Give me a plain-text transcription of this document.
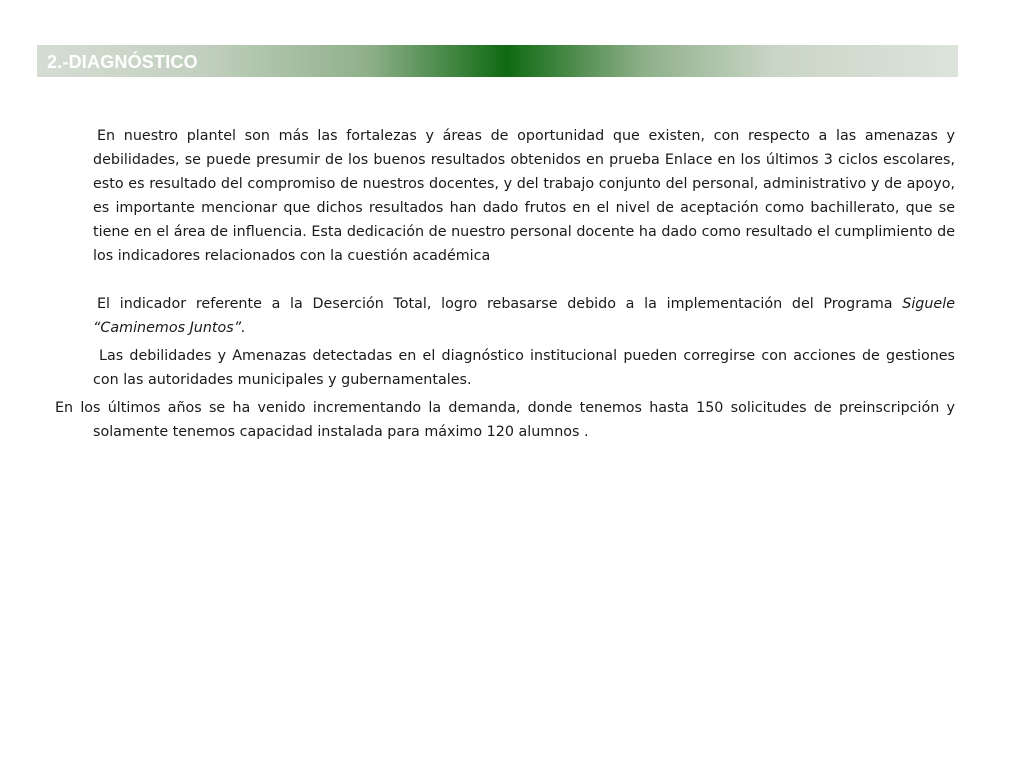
2.-DIAGNÓSTICO

En nuestro plantel son más las fortalezas y áreas de oportunidad que existen, con respecto a las amenazas y debilidades, se puede presumir de los buenos resultados obtenidos en prueba Enlace en los últimos 3 ciclos escolares, esto es resultado del compromiso de nuestros docentes, y del trabajo conjunto del personal, administrativo y de apoyo, es importante mencionar que dichos resultados han dado frutos en el nivel de aceptación como bachillerato, que se tiene en el área de influencia. Esta dedicación de nuestro personal docente ha dado como resultado el cumplimiento de los indicadores relacionados con la cuestión académica

El indicador referente a la Deserción Total, logro rebasarse debido a la implementación del Programa Siguele “Caminemos Juntos”.

Las debilidades y Amenazas detectadas en el diagnóstico institucional pueden corregirse con acciones de gestiones con las autoridades municipales y gubernamentales.

En los últimos años se ha venido incrementando la demanda, donde tenemos hasta 150 solicitudes de preinscripción y solamente tenemos capacidad instalada para máximo 120 alumnos .
